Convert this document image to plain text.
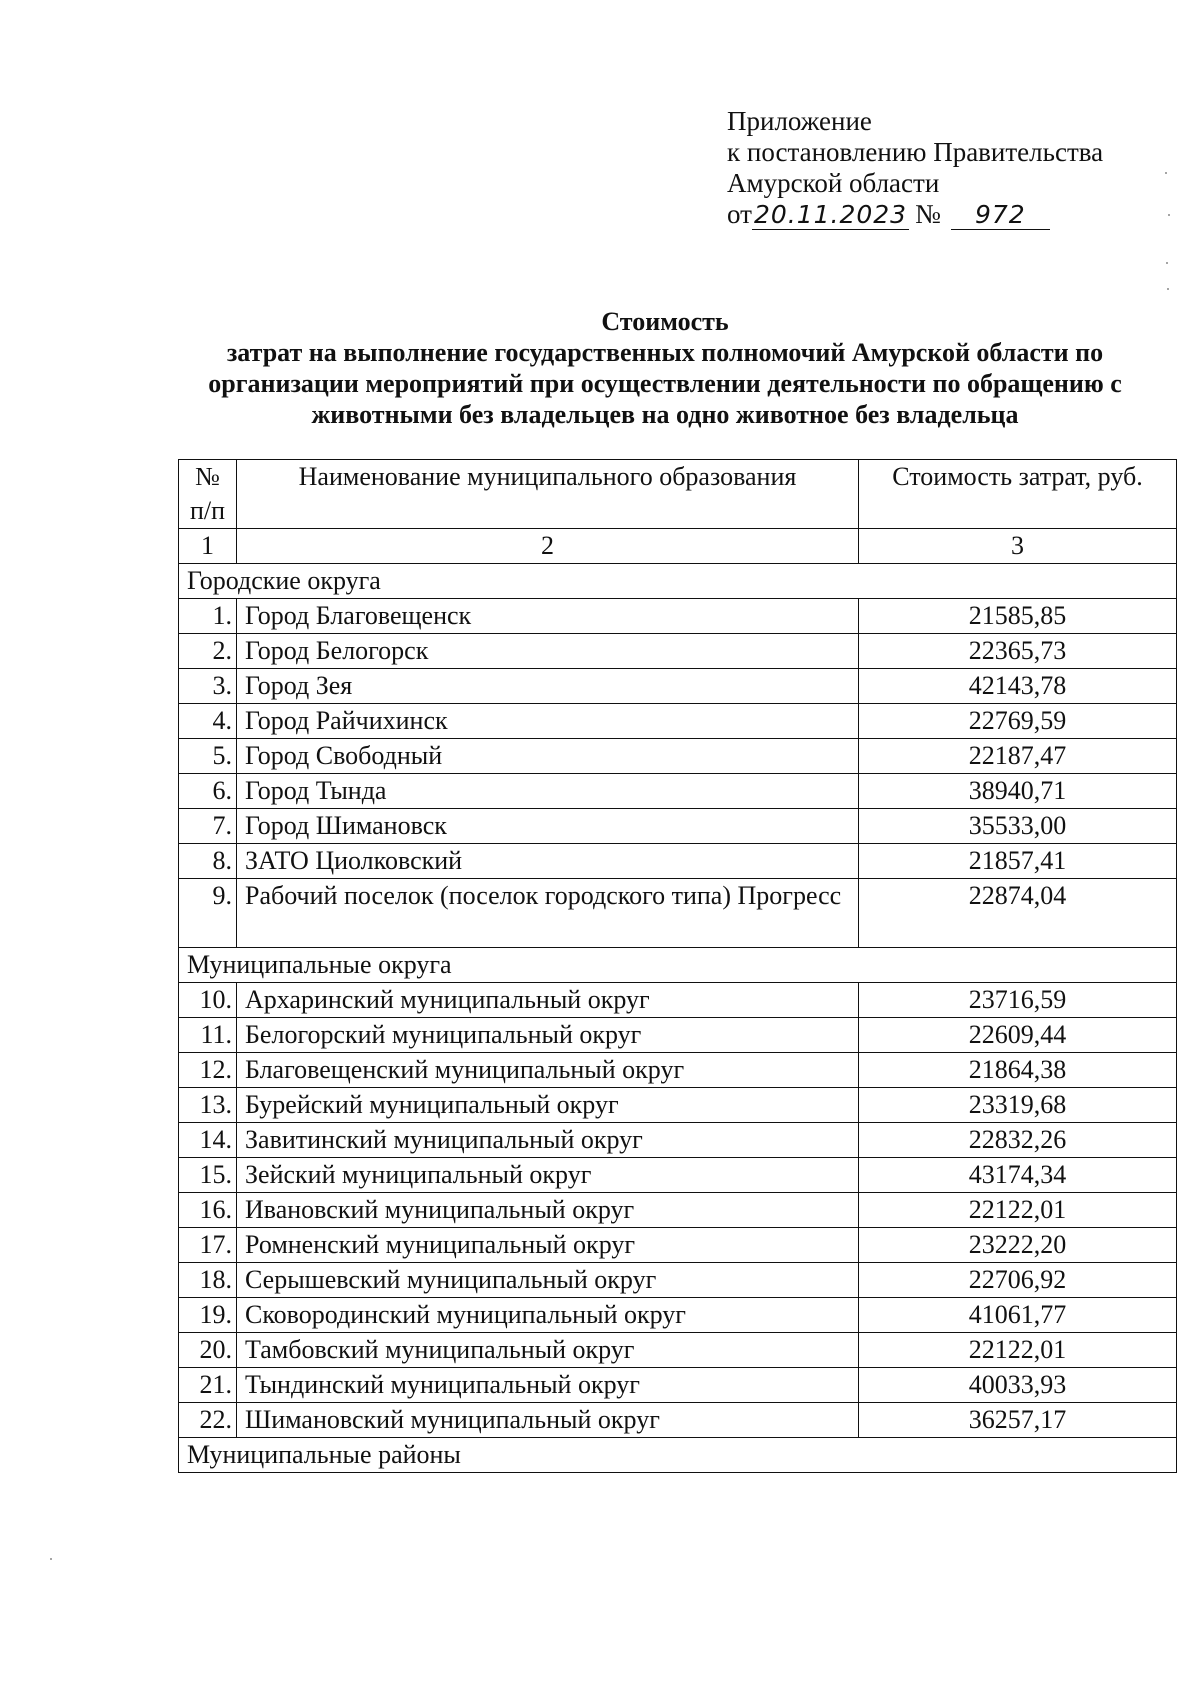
Приложение
к постановлению Правительства
Амурской области
от 20.11.2023 №	972
Стоимость
затрат на выполнение государственных полномочий Амурской области по
организации мероприятий при осуществлении деятельности по обращению с
животными без владельцев на одно животное без владельца
№ п/п	Наименование муниципального образования	Стоимость затрат, руб.
1	2	3
Городские округа		
1.	Город Благовещенск	21585,85
2.	Город Белогорск	22365,73
3.	Город Зея	42143,78
4.	Город Райчихинск	22769,59
5.	Город Свободный	22187,47
6.	Город Тында	38940,71
7.	Город Шимановск	35533,00
8.	ЗАТО Циолковский	21857,41
9.	Рабочий поселок (поселок городского типа) Прогресс	22874,04
Муниципальные округа		
10.	Архаринский муниципальный округ	23716,59
11.	Белогорский муниципальный округ	22609,44
12.	Благовещенский муниципальный округ	21864,38
13.	Бурейский муниципальный округ	23319,68
14.	Завитинский муниципальный округ	22832,26
15.	Зейский муниципальный округ	43174,34
16.	Ивановский муниципальный округ	22122,01
17.	Ромненский муниципальный округ	23222,20
18.	Серышевский муниципальный округ	22706,92
19.	Сковородинский муниципальный округ	41061,77
20.	Тамбовский муниципальный округ	22122,01
21.	Тындинский муниципальный округ	40033,93
22.	Шимановский муниципальный округ	36257,17
Муниципальные районы		
